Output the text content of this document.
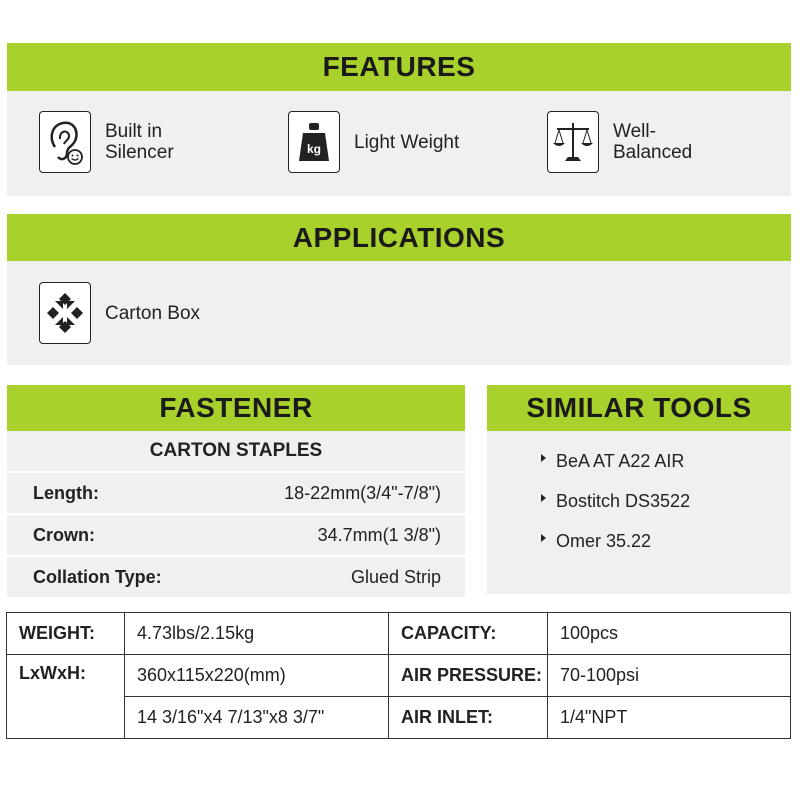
FEATURES
Built in
Silencer	kg Light Weight	Well-
Balanced
APPLICATIONS
Carton Box
FASTENER
CARTON STAPLES
Length:	18-22mm(3/4"-7/8")
Crown:	34.7mm(1 3/8")
Collation Type:	Glued Strip
SIMILAR TOOLS
BeA AT A22 AIR
Bostitch DS3522
Omer 35.22
WEIGHT:	4.73lbs/2.15kg	CAPACITY:	100pcs
LxWxH:	360x115x220(mm)	AIR PRESSURE:	70-100psi
	14 3/16"x4 7/13"x8 3/7"	AIR INLET:	1/4"NPT
